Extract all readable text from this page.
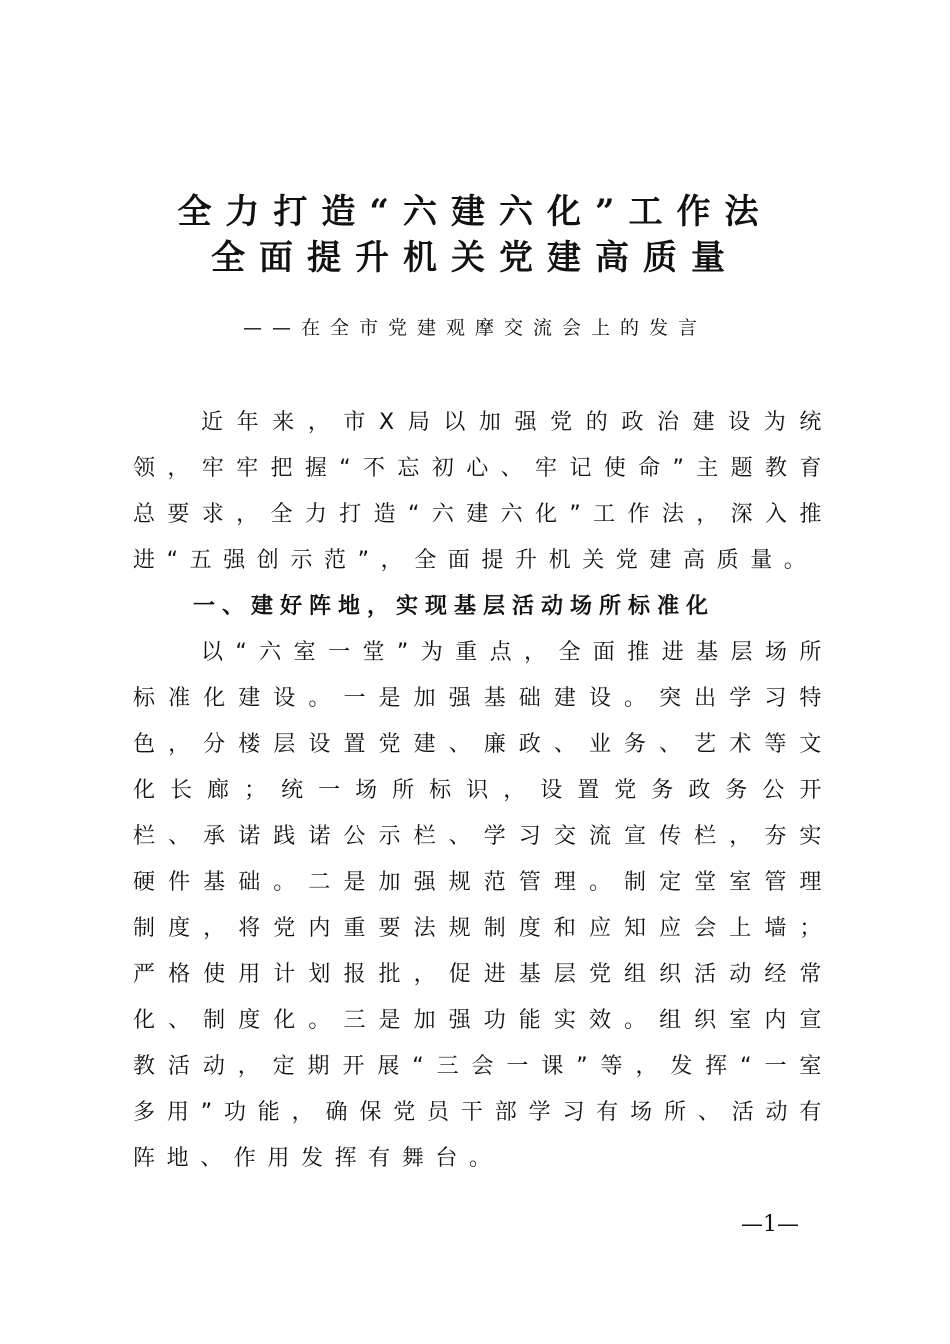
全力打造“六建六化”工作法
全面提升机关党建高质量
——在全市党建观摩交流会上的发言
近年来，市X局以加强党的政治建设为统领，牢牢把握“不忘初心、牢记使命”主题教育总要求，全力打造“六建六化”工作法，深入推进“五强创示范”，全面提升机关党建高质量。
一、建好阵地，实现基层活动场所标准化
以“六室一堂”为重点，全面推进基层场所标准化建设。一是加强基础建设。突出学习特色，分楼层设置党建、廉政、业务、艺术等文化长廊；统一场所标识，设置党务政务公开栏、承诺践诺公示栏、学习交流宣传栏，夯实硬件基础。二是加强规范管理。制定堂室管理制度，将党内重要法规制度和应知应会上墙；严格使用计划报批，促进基层党组织活动经常化、制度化。三是加强功能实效。组织室内宣教活动，定期开展“三会一课”等，发挥“一室多用”功能，确保党员干部学习有场所、活动有阵地、作用发挥有舞台。
—1—
